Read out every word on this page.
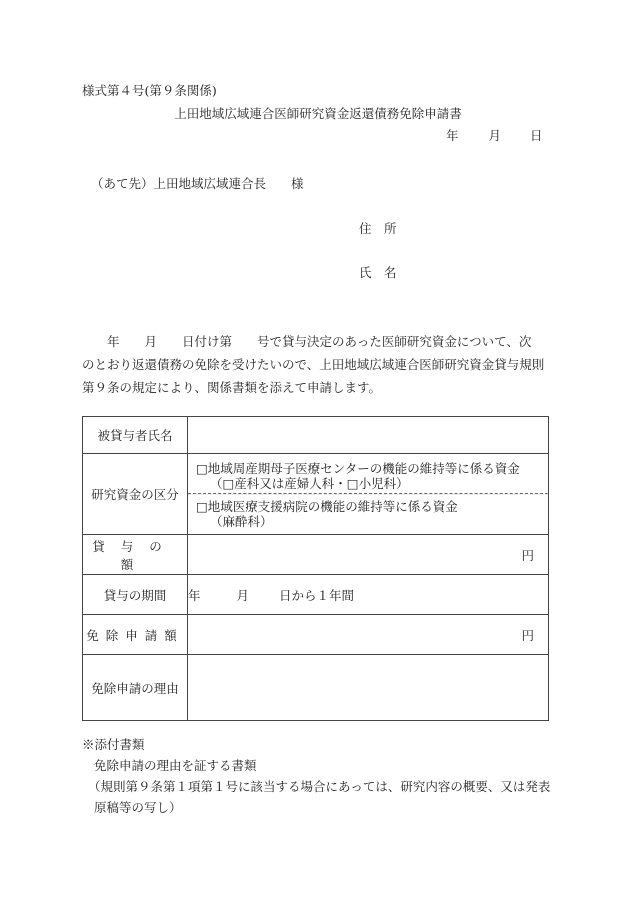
様式第４号(第９条関係)
上田地域広域連合医師研究資金返還債務免除申請書
年 月 日
（あて先）上田地域広域連合長　　様
住　所
氏　名

　　年　　月　　日付け第　　号で貸与決定のあった医師研究資金について、次

のとおり返還債務の免除を受けたいので、上田地域広域連合医師研究資金貸与規則

第９条の規定により、関係書類を添えて申請します。

被貸与者氏名	
研究資金の区分	□地域周産期母子医療センターの機能の維持等に係る資金
（□産科又は産婦人科・□小児科）
□地域医療支援病院の機能の維持等に係る資金
（麻酔科）

貸与の額	円

貸与の期間	年 月 日から１年間
免除申請額	円

免除申請の理由	

※添付書類

免除申請の理由を証する書類

（規則第９条第１項第１号に該当する場合にあっては、研究内容の概要、又は発表

原稿等の写し）
